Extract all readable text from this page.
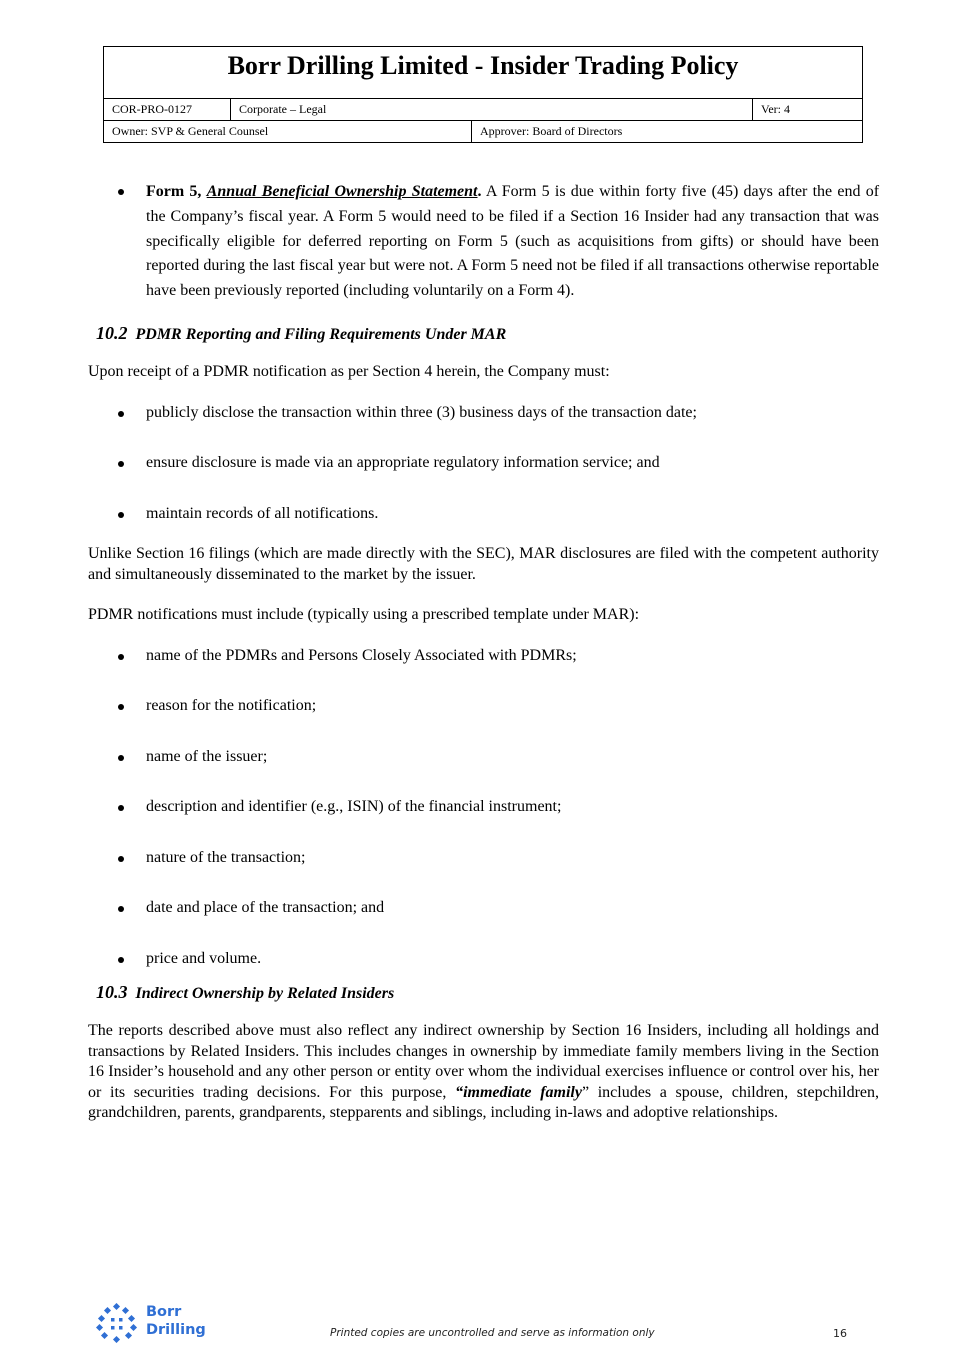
Borr Drilling Limited - Insider Trading Policy
COR-PRO-0127	Corporate – Legal	Ver: 4
Owner: SVP & General Counsel	Approver: Board of Directors
Form 5, Annual Beneficial Ownership Statement. A Form 5 is due within forty five (45) days after the end of the Company’s fiscal year. A Form 5 would need to be filed if a Section 16 Insider had any transaction that was specifically eligible for deferred reporting on Form 5 (such as acquisitions from gifts) or should have been reported during the last fiscal year but were not. A Form 5 need not be filed if all transactions otherwise reportable have been previously reported (including voluntarily on a Form 4).
10.2 PDMR Reporting and Filing Requirements Under MAR
Upon receipt of a PDMR notification as per Section 4 herein, the Company must:
publicly disclose the transaction within three (3) business days of the transaction date;
ensure disclosure is made via an appropriate regulatory information service; and
maintain records of all notifications.
Unlike Section 16 filings (which are made directly with the SEC), MAR disclosures are filed with the competent authority and simultaneously disseminated to the market by the issuer.
PDMR notifications must include (typically using a prescribed template under MAR):
name of the PDMRs and Persons Closely Associated with PDMRs;
reason for the notification;
name of the issuer;
description and identifier (e.g., ISIN) of the financial instrument;
nature of the transaction;
date and place of the transaction; and
price and volume.
10.3 Indirect Ownership by Related Insiders
The reports described above must also reflect any indirect ownership by Section 16 Insiders, including all holdings and transactions by Related Insiders. This includes changes in ownership by immediate family members living in the Section 16 Insider’s household and any other person or entity over whom the individual exercises influence or control over his, her or its securities trading decisions. For this purpose, “immediate family” includes a spouse, children, stepchildren, grandchildren, parents, grandparents, stepparents and siblings, including in-laws and adoptive relationships.
Borr
Drilling	Printed copies are uncontrolled and serve as information only	16
